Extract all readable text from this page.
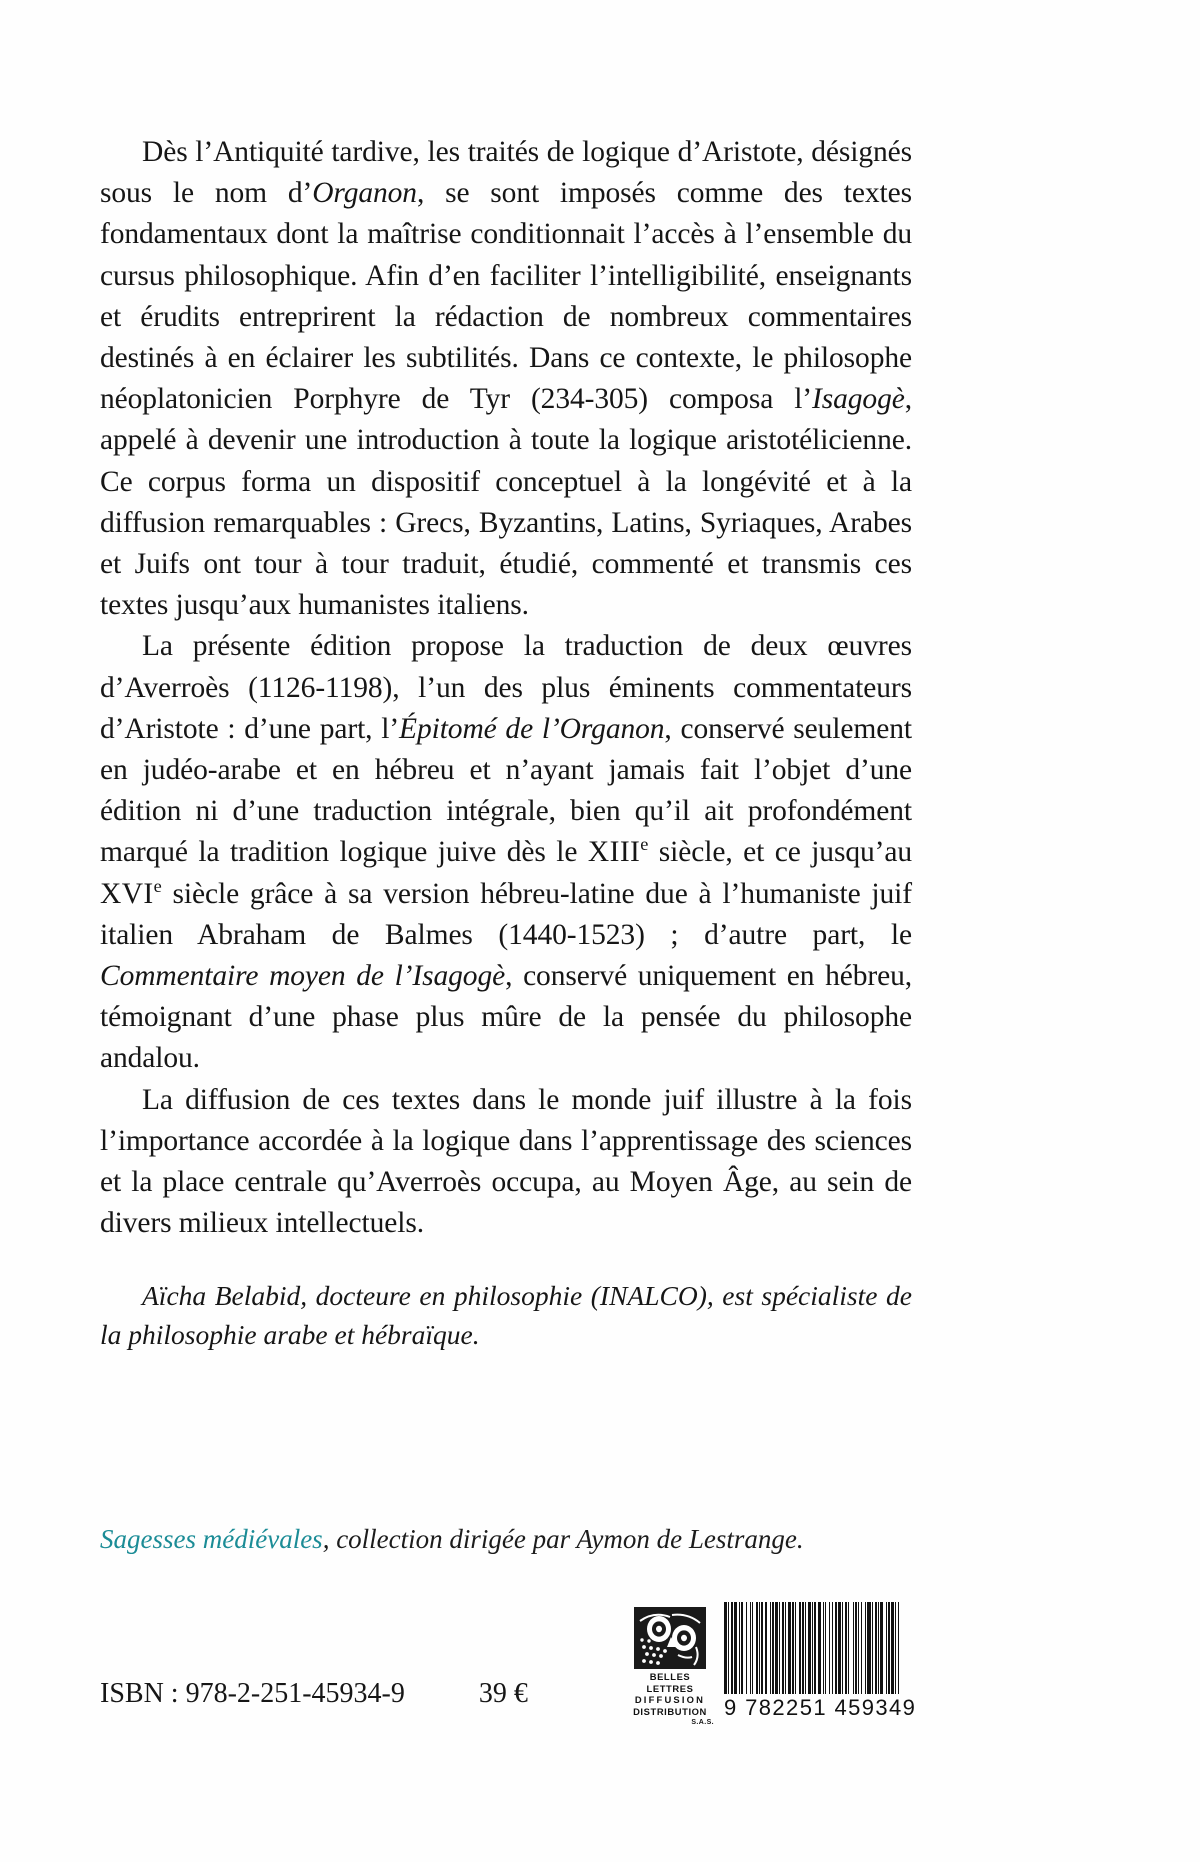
Dès l’Antiquité tardive, les traités de logique d’Aristote, désignés sous le nom d’Organon, se sont imposés comme des textes fondamentaux dont la maîtrise conditionnait l’accès à l’ensemble du cursus philosophique. Afin d’en faciliter l’intelligibilité, enseignants et érudits entreprirent la rédaction de nombreux commentaires destinés à en éclairer les subtilités. Dans ce contexte, le philosophe néoplatonicien Porphyre de Tyr (234-305) composa l’Isagogè, appelé à devenir une introduction à toute la logique aristotélicienne. Ce corpus forma un dispositif conceptuel à la longévité et à la diffusion remarquables : Grecs, Byzantins, Latins, Syriaques, Arabes et Juifs ont tour à tour traduit, étudié, commenté et transmis ces textes jusqu’aux humanistes italiens.

La présente édition propose la traduction de deux œuvres d’Averroès (1126-1198), l’un des plus éminents commentateurs d’Aristote : d’une part, l’Épitomé de l’Organon, conservé seulement en judéo-arabe et en hébreu et n’ayant jamais fait l’objet d’une édition ni d’une traduction intégrale, bien qu’il ait profondément marqué la tradition logique juive dès le XIIIe siècle, et ce jusqu’au XVIe siècle grâce à sa version hébreu-latine due à l’humaniste juif italien Abraham de Balmes (1440-1523) ; d’autre part, le Commentaire moyen de l’Isagogè, conservé uniquement en hébreu, témoignant d’une phase plus mûre de la pensée du philosophe andalou.

La diffusion de ces textes dans le monde juif illustre à la fois l’importance accordée à la logique dans l’apprentissage des sciences et la place centrale qu’Averroès occupa, au Moyen Âge, au sein de divers milieux intellectuels.

Aïcha Belabid, docteure en philosophie (INALCO), est spécialiste de la philosophie arabe et hébraïque.

Sagesses médiévales, collection dirigée par Aymon de Lestrange.

ISBN : 978-2-251-45934-9	39 €
BELLES LETTRES
DIFFUSION
DISTRIBUTION
S.A.S.
9 782251 459349
